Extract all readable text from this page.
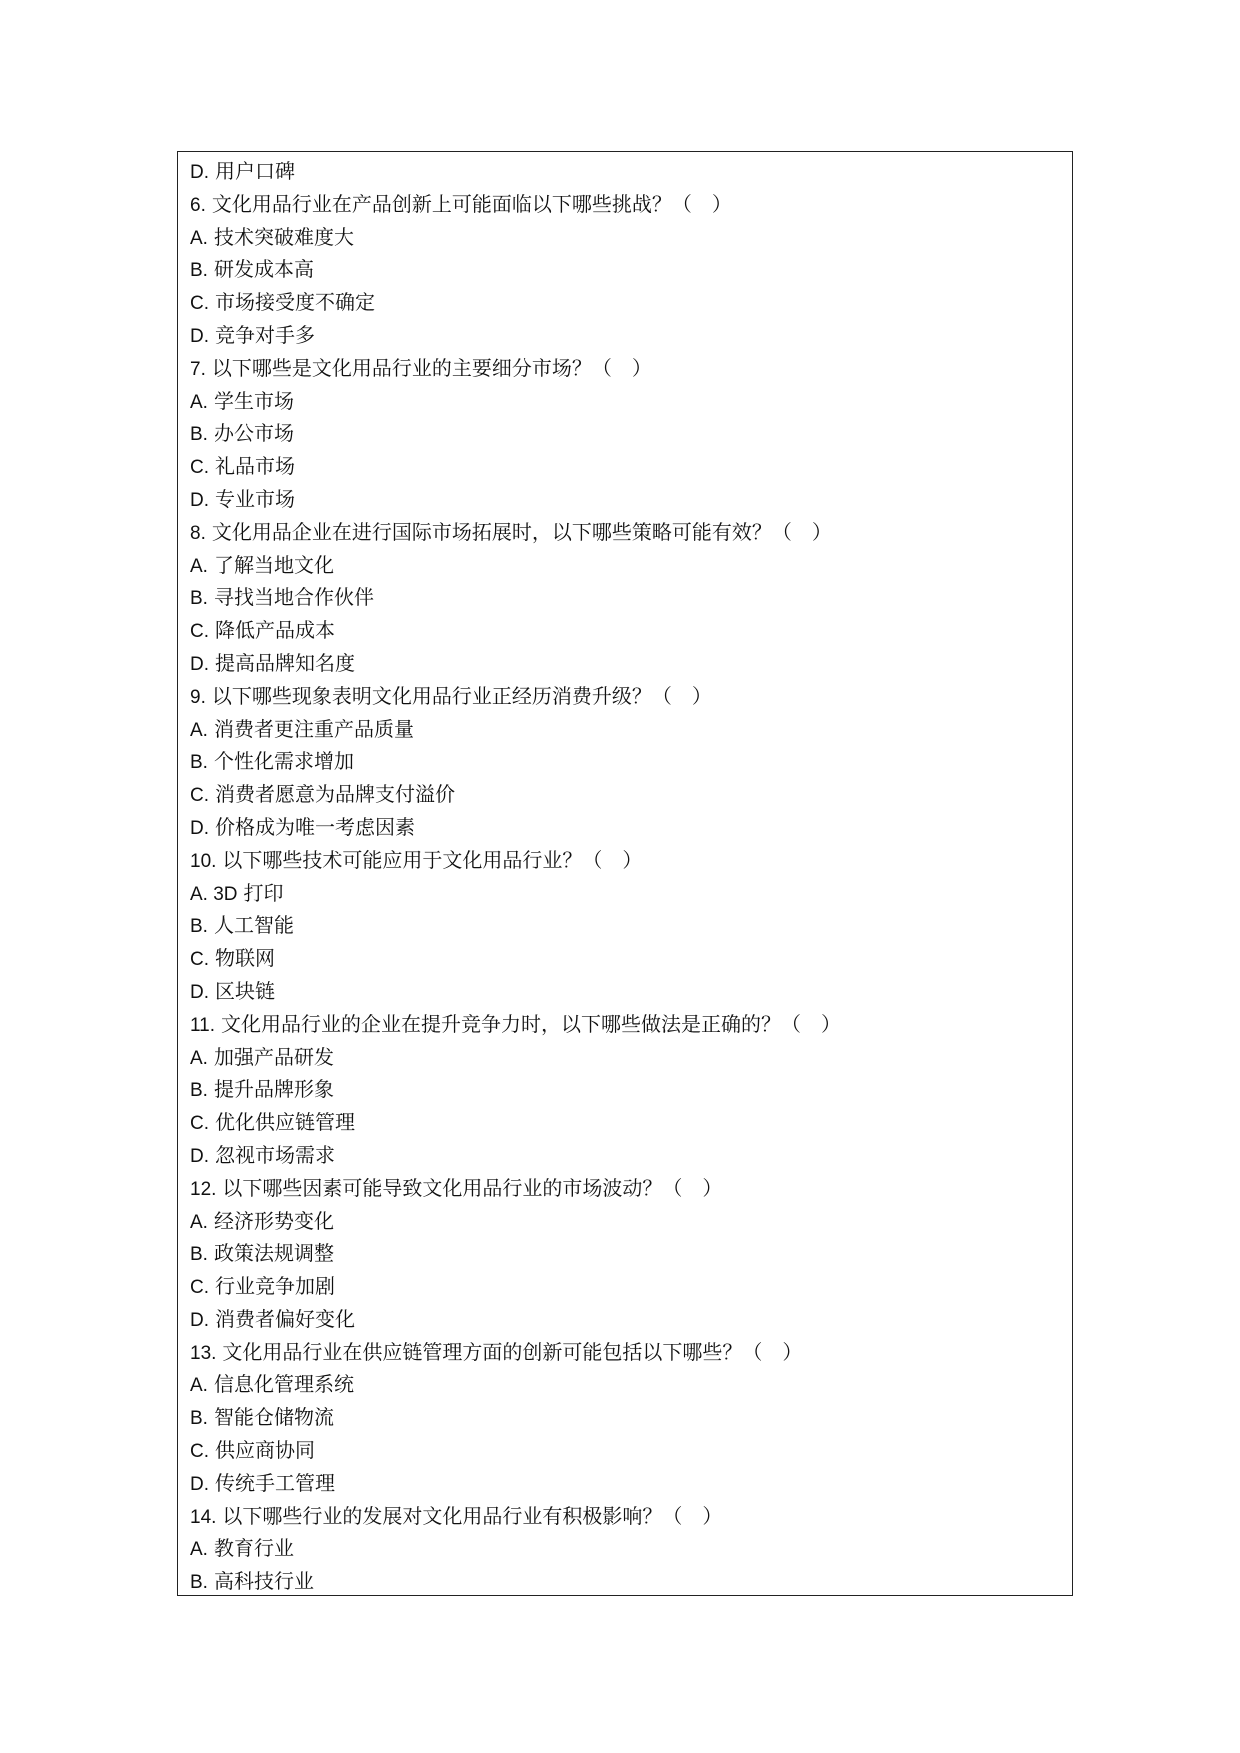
D. 用户口碑
6. 文化用品行业在产品创新上可能面临以下哪些挑战？（　）
A. 技术突破难度大
B. 研发成本高
C. 市场接受度不确定
D. 竞争对手多
7. 以下哪些是文化用品行业的主要细分市场？（　）
A. 学生市场
B. 办公市场
C. 礼品市场
D. 专业市场
8. 文化用品企业在进行国际市场拓展时，以下哪些策略可能有效？（　）
A. 了解当地文化
B. 寻找当地合作伙伴
C. 降低产品成本
D. 提高品牌知名度
9. 以下哪些现象表明文化用品行业正经历消费升级？（　）
A. 消费者更注重产品质量
B. 个性化需求增加
C. 消费者愿意为品牌支付溢价
D. 价格成为唯一考虑因素
10. 以下哪些技术可能应用于文化用品行业？（　）
A. 3D 打印
B. 人工智能
C. 物联网
D. 区块链
11. 文化用品行业的企业在提升竞争力时，以下哪些做法是正确的？（　）
A. 加强产品研发
B. 提升品牌形象
C. 优化供应链管理
D. 忽视市场需求
12. 以下哪些因素可能导致文化用品行业的市场波动？（　）
A. 经济形势变化
B. 政策法规调整
C. 行业竞争加剧
D. 消费者偏好变化
13. 文化用品行业在供应链管理方面的创新可能包括以下哪些？（　）
A. 信息化管理系统
B. 智能仓储物流
C. 供应商协同
D. 传统手工管理
14. 以下哪些行业的发展对文化用品行业有积极影响？（　）
A. 教育行业
B. 高科技行业
